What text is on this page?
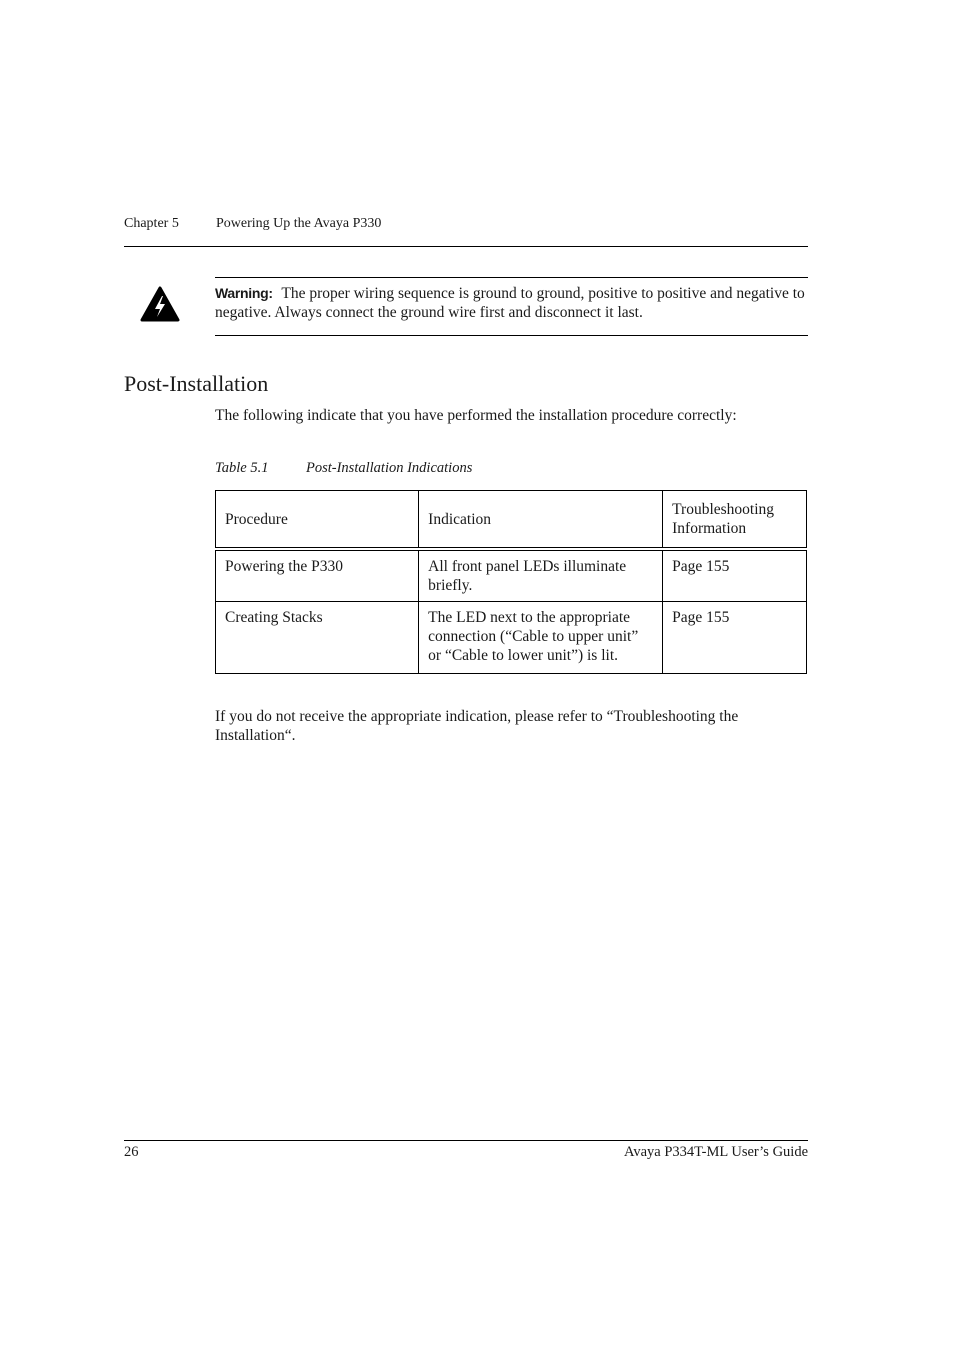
Chapter 5	Powering Up the Avaya P330
Warning: The proper wiring sequence is ground to ground, positive to positive and negative to negative. Always connect the ground wire first and disconnect it last.
Post-Installation
The following indicate that you have performed the installation procedure correctly:
Table 5.1	Post-Installation Indications
Procedure	Indication	Troubleshooting Information
Powering the P330	All front panel LEDs illuminate briefly.	Page 155
Creating Stacks	The LED next to the appropriate connection (“Cable to upper unit” or “Cable to lower unit”) is lit.	Page 155
If you do not receive the appropriate indication, please refer to “Troubleshooting the Installation“.
26	Avaya P334T-ML User’s Guide
